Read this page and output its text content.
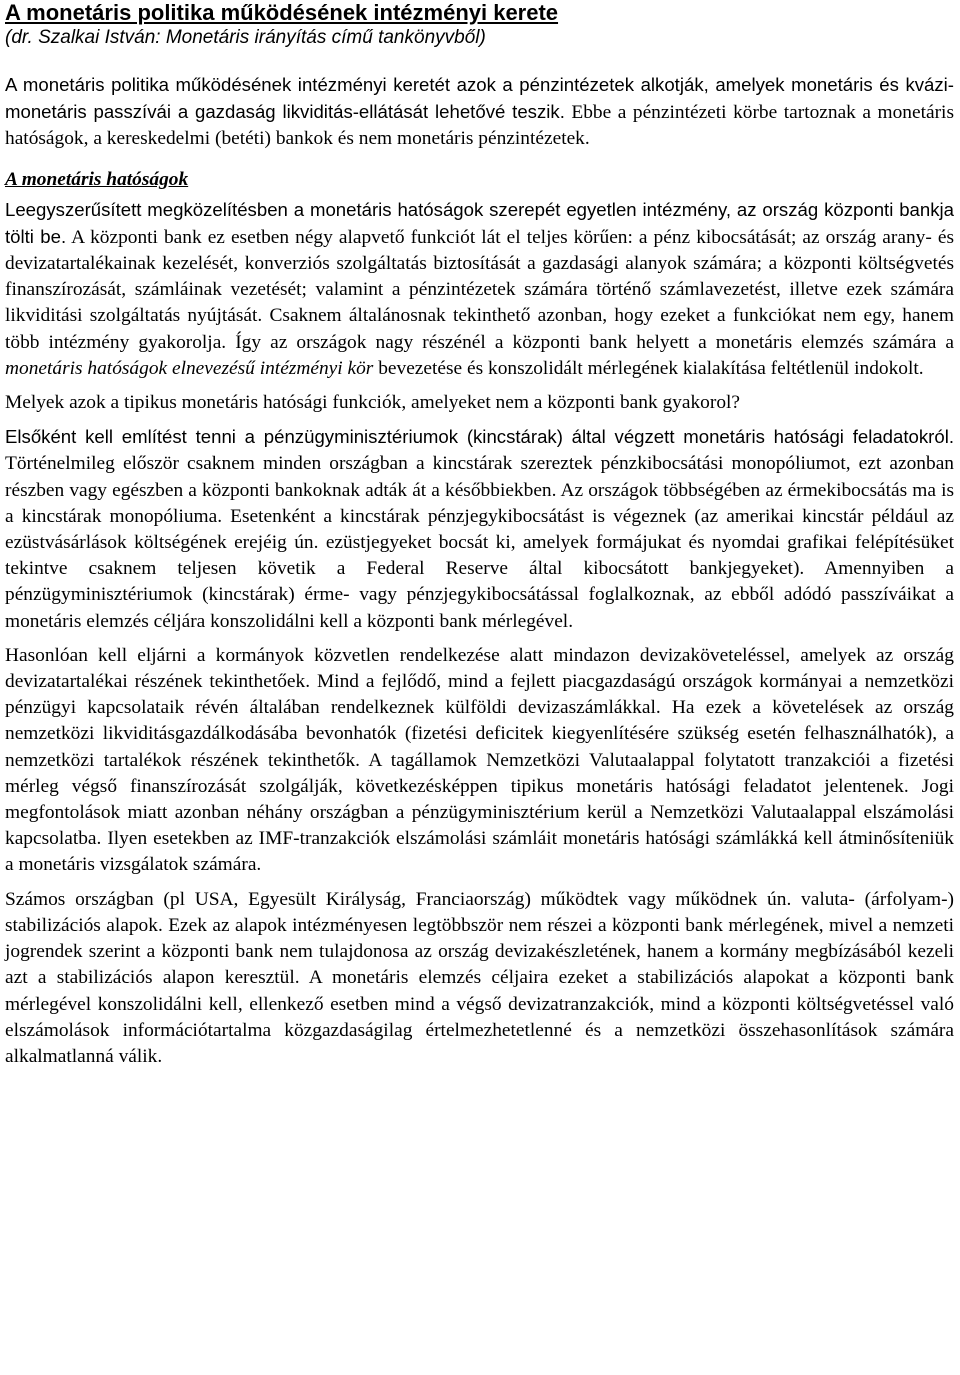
A monetáris politika működésének intézményi kerete
(dr. Szalkai István: Monetáris irányítás című tankönyvből)

A monetáris politika működésének intézményi keretét azok a pénzintézetek alkotják, amelyek monetáris és kvázi-monetáris passzívái a gazdaság likviditás-ellátását lehetővé teszik. Ebbe a pénzintézeti körbe tartoznak a monetáris hatóságok, a kereskedelmi (betéti) bankok és nem monetáris pénzintézetek.

A monetáris hatóságok

Leegyszerűsített megközelítésben a monetáris hatóságok szerepét egyetlen intézmény, az ország központi bankja tölti be. A központi bank ez esetben négy alapvető funkciót lát el teljes körűen: a pénz kibocsátását; az ország arany- és devizatartalékainak kezelését, konverziós szolgáltatás biztosítását a gazdasági alanyok számára; a központi költségvetés finanszírozását, számláinak vezetését; valamint a pénzintézetek számára történő számlavezetést, illetve ezek számára likviditási szolgáltatás nyújtását. Csaknem általánosnak tekinthető azonban, hogy ezeket a funkciókat nem egy, hanem több intézmény gyakorolja. Így az országok nagy részénél a központi bank helyett a monetáris elemzés számára a monetáris hatóságok elnevezésű intézményi kör bevezetése és konszolidált mérlegének kialakítása feltétlenül indokolt.

Melyek azok a tipikus monetáris hatósági funkciók, amelyeket nem a központi bank gyakorol?

Elsőként kell említést tenni a pénzügyminisztériumok (kincstárak) által végzett monetáris hatósági feladatokról. Történelmileg először csaknem minden országban a kincstárak szereztek pénzkibocsátási monopóliumot, ezt azonban részben vagy egészben a központi bankoknak adták át a későbbiekben. Az országok többségében az érmekibocsátás ma is a kincstárak monopóliuma. Esetenként a kincstárak pénzjegykibocsátást is végeznek (az amerikai kincstár például az ezüstvásárlások költségének erejéig ún. ezüstjegyeket bocsát ki, amelyek formájukat és nyomdai grafikai felépítésüket tekintve csaknem teljesen követik a Federal Reserve által kibocsátott bankjegyeket). Amennyiben a pénzügyminisztériumok (kincstárak) érme- vagy pénzjegykibocsátással foglalkoznak, az ebből adódó passzíváikat a monetáris elemzés céljára konszolidálni kell a központi bank mérlegével.

Hasonlóan kell eljárni a kormányok közvetlen rendelkezése alatt mindazon devizaköveteléssel, amelyek az ország devizatartalékai részének tekinthetőek. Mind a fejlődő, mind a fejlett piacgazdaságú országok kormányai a nemzetközi pénzügyi kapcsolataik révén általában rendelkeznek külföldi devizaszámlákkal. Ha ezek a követelések az ország nemzetközi likviditásgazdálkodásába bevonhatók (fizetési deficitek kiegyenlítésére szükség esetén felhasználhatók), a nemzetközi tartalékok részének tekinthetők. A tagállamok Nemzetközi Valutaalappal folytatott tranzakciói a fizetési mérleg végső finanszírozását szolgálják, következésképpen tipikus monetáris hatósági feladatot jelentenek. Jogi megfontolások miatt azonban néhány országban a pénzügyminisztérium kerül a Nemzetközi Valutaalappal elszámolási kapcsolatba. Ilyen esetekben az IMF-tranzakciók elszámolási számláit monetáris hatósági számlákká kell átminősíteniük a monetáris vizsgálatok számára.

Számos országban (pl USA, Egyesült Királyság, Franciaország) működtek vagy működnek ún. valuta- (árfolyam-) stabilizációs alapok. Ezek az alapok intézményesen legtöbbször nem részei a központi bank mérlegének, mivel a nemzeti jogrendek szerint a központi bank nem tulajdonosa az ország devizakészletének, hanem a kormány megbízásából kezeli azt a stabilizációs alapon keresztül. A monetáris elemzés céljaira ezeket a stabilizációs alapokat a központi bank mérlegével konszolidálni kell, ellenkező esetben mind a végső devizatranzakciók, mind a központi költségvetéssel való elszámolások információtartalma közgazdaságilag értelmezhetetlenné és a nemzetközi összehasonlítások számára alkalmatlanná válik.
